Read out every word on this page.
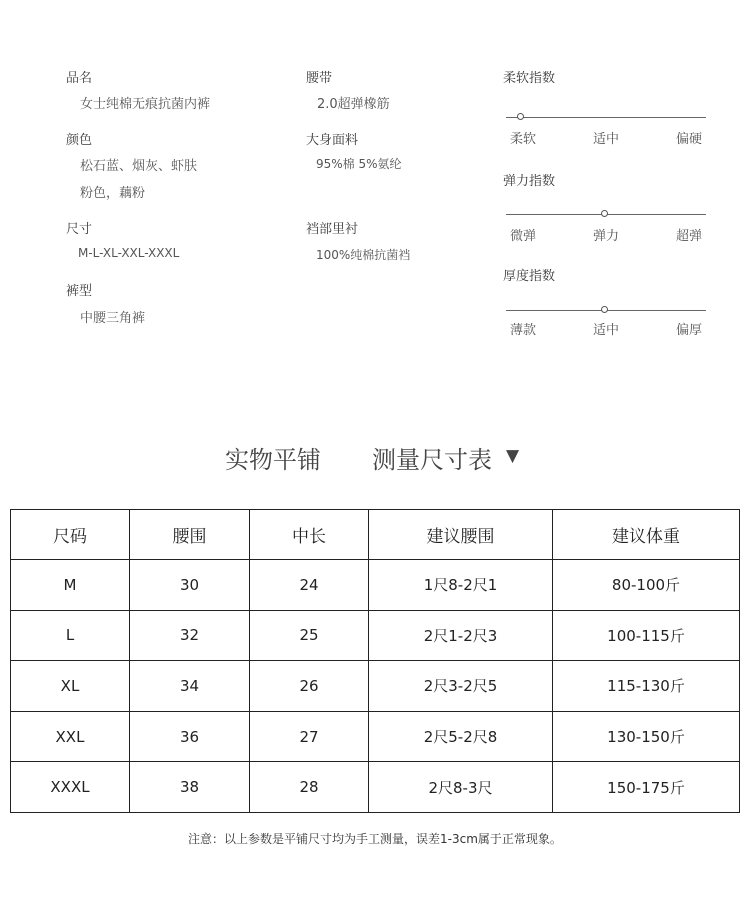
品名
女士纯棉无痕抗菌内裤
颜色
松石蓝、烟灰、虾肤
粉色，藕粉
尺寸
M-L-XL-XXL-XXXL
裤型
中腰三角裤
腰带
2.0超弹橡筋
大身面料
95%棉 5%氨纶
裆部里衬
100%纯棉抗菌裆
柔软指数
柔软	适中	偏硬
弹力指数
微弹	弹力	超弹
厚度指数
薄款	适中	偏厚
实物平铺 测量尺寸表 ▼
尺码	腰围	中长	建议腰围	建议体重
M	30	24	1尺8-2尺1	80-100斤
L	32	25	2尺1-2尺3	100-115斤
XL	34	26	2尺3-2尺5	115-130斤
XXL	36	27	2尺5-2尺8	130-150斤
XXXL	38	28	2尺8-3尺	150-175斤
注意：以上参数是平铺尺寸均为手工测量，误差1-3cm属于正常现象。
